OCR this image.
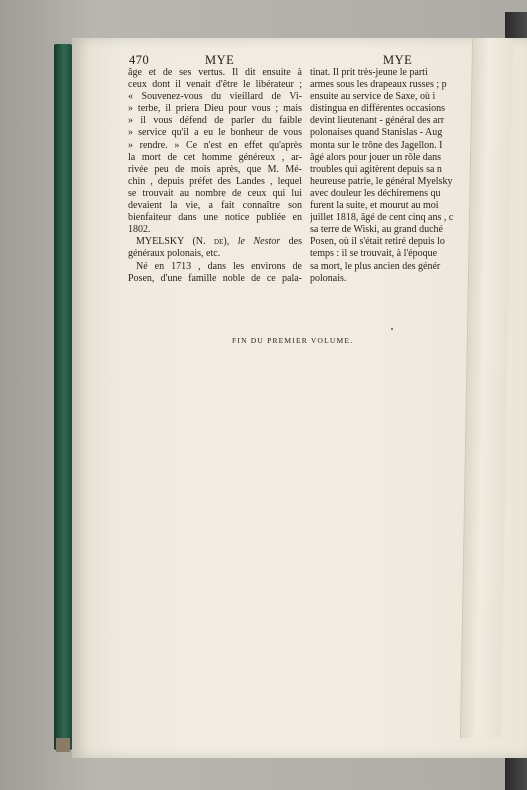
470	MYE	MYE
âge et de ses vertus. Il dit ensuite à
ceux dont il venait d'être le libérateur ;
« Souvenez-vous du vieillard de Vi-
» terbe, il priera Dieu pour vous ; mais
» il vous défend de parler du faible
» service qu'il a eu le bonheur de vous
» rendre. » Ce n'est en effet qu'après
la mort de cet homme généreux , ar-
rivée peu de mois après, que M. Mé-
chin , depuis préfet des Landes , lequel
se trouvait au nombre de ceux qui lui
devaient la vie, a fait connaître son
bienfaiteur dans une notice publiée en
1802.
MYELSKY (N. de), le Nestor des
généraux polonais, etc.
Né en 1713 , dans les environs de
Posen, d'une famille noble de ce pala-
tinat. Il prit très-jeune le parti
armes sous les drapeaux russes ; p
ensuite au service de Saxe, où i
distingua en différentes occasions
devint lieutenant - général des arr
polonaises quand Stanislas - Aug
monta sur le trône des Jagellon. I
âgé alors pour jouer un rôle dans
troubles qui agitèrent depuis sa n
heureuse patrie, le général Myelsky
avec douleur les déchiremens qu
furent la suite, et mourut au moi
juillet 1818, âgé de cent cinq ans , c
sa terre de Wiski, au grand duché
Posen, où il s'était retiré depuis lo
temps : il se trouvait, à l'époque
sa mort, le plus ancien des génér
polonais.
FIN DU PREMIER VOLUME.
